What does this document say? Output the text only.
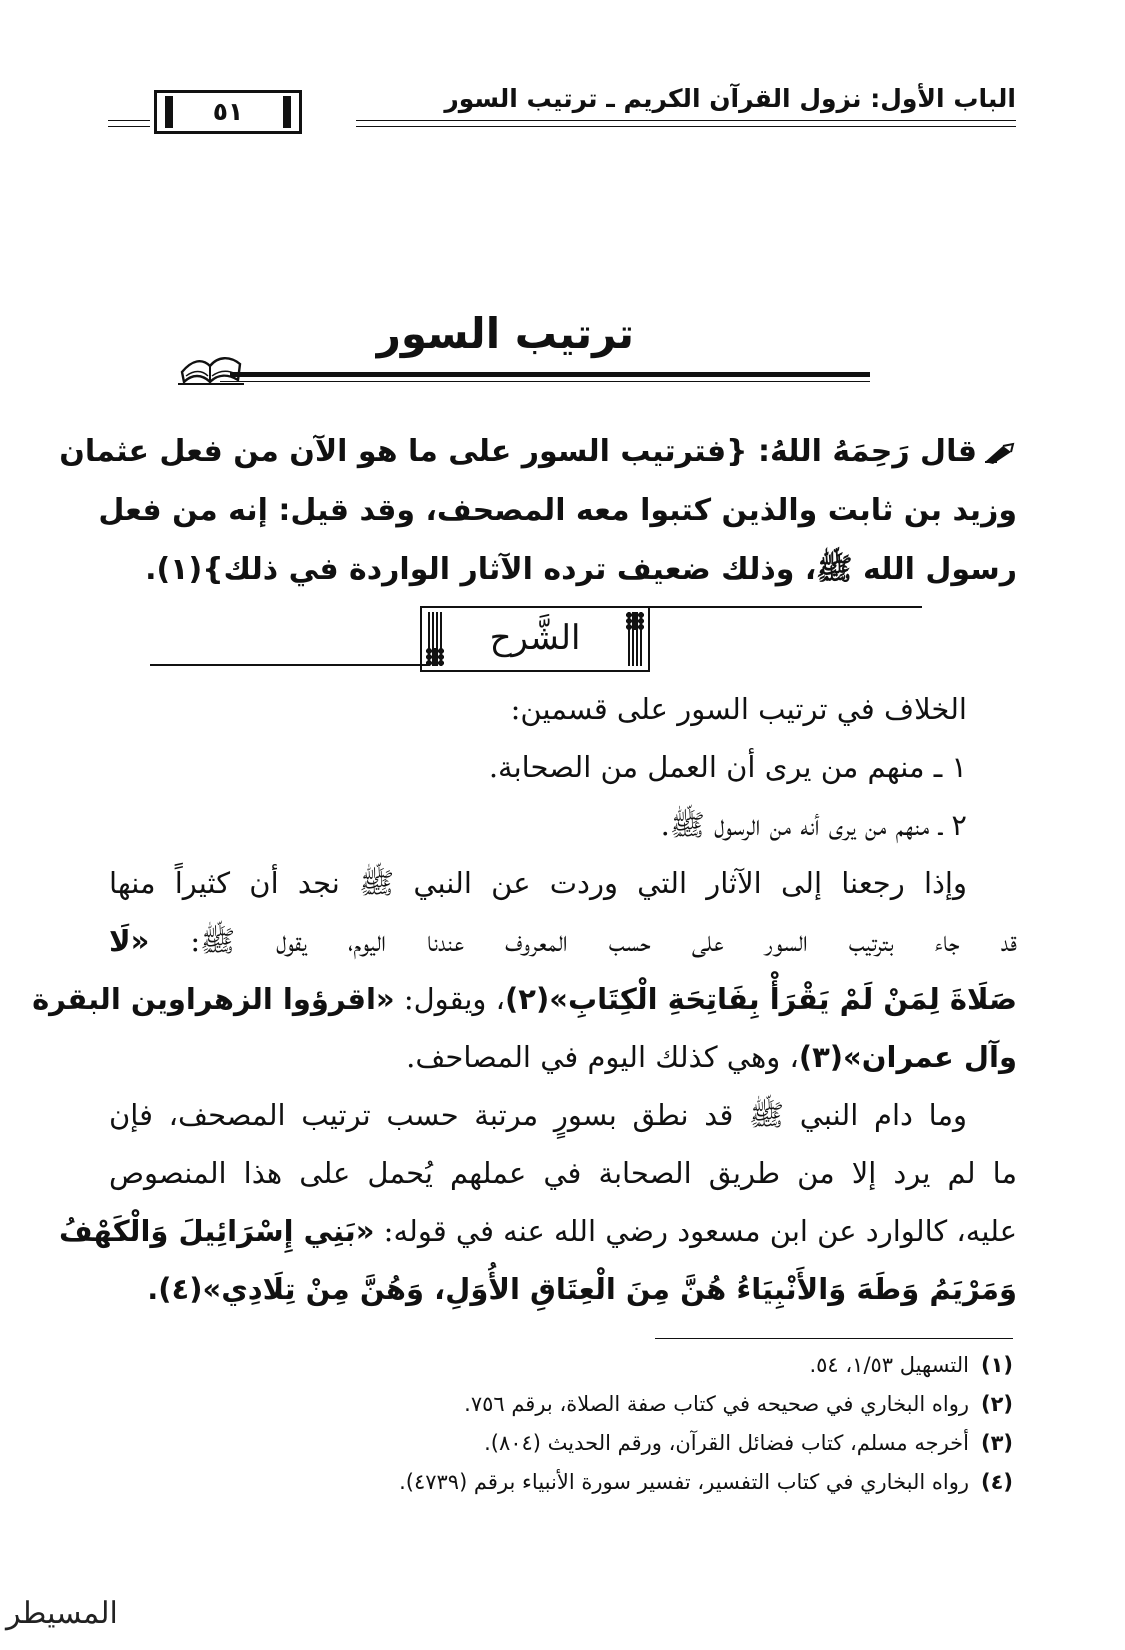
الباب الأول: نزول القرآن الكريم ـ ترتيب السور
٥١
ترتيب السور
قال رَحِمَهُ اللهُ: {فترتيب السور على ما هو الآن من فعل عثمان
وزيد بن ثابت والذين كتبوا معه المصحف، وقد قيل: إنه من فعل
رسول الله ﷺ، وذلك ضعيف ترده الآثار الواردة في ذلك}(١).
الشَّرح
الخلاف في ترتيب السور على قسمين:
١ ـ منهم من يرى أن العمل من الصحابة.
٢ ـ منهم من يرى أنه من الرسول ﷺ.
وإذا رجعنا إلى الآثار التي وردت عن النبي ﷺ نجد أن كثيراً منها
قد جاء بترتيب السور على حسب المعروف عندنا اليوم، يقول ﷺ: «لَا
صَلَاةَ لِمَنْ لَمْ يَقْرَأْ بِفَاتِحَةِ الْكِتَابِ»(٢)، ويقول: «اقرؤوا الزهراوين البقرة
وآل عمران»(٣)، وهي كذلك اليوم في المصاحف.
وما دام النبي ﷺ قد نطق بسورٍ مرتبة حسب ترتيب المصحف، فإن
ما لم يرد إلا من طريق الصحابة في عملهم يُحمل على هذا المنصوص
عليه، كالوارد عن ابن مسعود رضي الله عنه في قوله: «بَنِي إِسْرَائِيلَ وَالْكَهْفُ
وَمَرْيَمُ وَطَهَ وَالأَنْبِيَاءُ هُنَّ مِنَ الْعِتَاقِ الأُوَلِ، وَهُنَّ مِنْ تِلَادِي»(٤).
(١)التسهيل ١/٥٣، ٥٤.
(٢)رواه البخاري في صحيحه في كتاب صفة الصلاة، برقم ٧٥٦.
(٣)أخرجه مسلم، كتاب فضائل القرآن، ورقم الحديث (٨٠٤).
(٤)رواه البخاري في كتاب التفسير، تفسير سورة الأنبياء برقم (٤٧٣٩).
المسيطر
